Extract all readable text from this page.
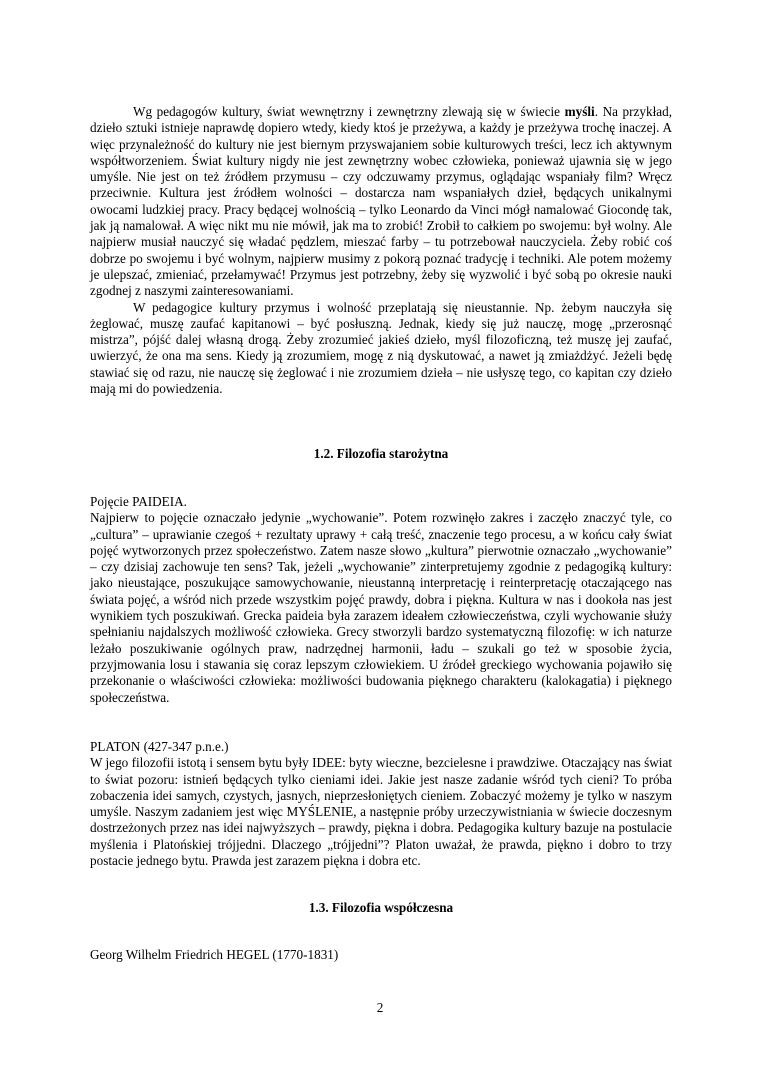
Wg pedagogów kultury, świat wewnętrzny i zewnętrzny zlewają się w świecie myśli. Na przykład, dzieło sztuki istnieje naprawdę dopiero wtedy, kiedy ktoś je przeżywa, a każdy je przeżywa trochę inaczej. A więc przynależność do kultury nie jest biernym przyswajaniem sobie kulturowych treści, lecz ich aktywnym współtworzeniem. Świat kultury nigdy nie jest zewnętrzny wobec człowieka, ponieważ ujawnia się w jego umyśle. Nie jest on też źródłem przymusu – czy odczuwamy przymus, oglądając wspaniały film? Wręcz przeciwnie. Kultura jest źródłem wolności – dostarcza nam wspaniałych dzieł, będących unikalnymi owocami ludzkiej pracy. Pracy będącej wolnością – tylko Leonardo da Vinci mógł namalować Giocondę tak, jak ją namalował. A więc nikt mu nie mówił, jak ma to zrobić! Zrobił to całkiem po swojemu: był wolny. Ale najpierw musiał nauczyć się władać pędzlem, mieszać farby – tu potrzebował nauczyciela. Żeby robić coś dobrze po swojemu i być wolnym, najpierw musimy z pokorą poznać tradycję i techniki. Ale potem możemy je ulepszać, zmieniać, przełamywać! Przymus jest potrzebny, żeby się wyzwolić i być sobą po okresie nauki zgodnej z naszymi zainteresowaniami.

W pedagogice kultury przymus i wolność przeplatają się nieustannie. Np. żebym nauczyła się żeglować, muszę zaufać kapitanowi – być posłuszną. Jednak, kiedy się już nauczę, mogę „przerosnąć mistrza”, pójść dalej własną drogą. Żeby zrozumieć jakieś dzieło, myśl filozoficzną, też muszę jej zaufać, uwierzyć, że ona ma sens. Kiedy ją zrozumiem, mogę z nią dyskutować, a nawet ją zmiażdżyć. Jeżeli będę stawiać się od razu, nie nauczę się żeglować i nie zrozumiem dzieła – nie usłyszę tego, co kapitan czy dzieło mają mi do powiedzenia.

1.2. Filozofia starożytna

Pojęcie PAIDEIA.

Najpierw to pojęcie oznaczało jedynie „wychowanie”. Potem rozwinęło zakres i zaczęło znaczyć tyle, co „cultura” – uprawianie czegoś + rezultaty uprawy + całą treść, znaczenie tego procesu, a w końcu cały świat pojęć wytworzonych przez społeczeństwo. Zatem nasze słowo „kultura” pierwotnie oznaczało „wychowanie” – czy dzisiaj zachowuje ten sens? Tak, jeżeli „wychowanie” zinterpretujemy zgodnie z pedagogiką kultury: jako nieustające, poszukujące samowychowanie, nieustanną interpretację i reinterpretację otaczającego nas świata pojęć, a wśród nich przede wszystkim pojęć prawdy, dobra i piękna. Kultura w nas i dookoła nas jest wynikiem tych poszukiwań. Grecka paideia była zarazem ideałem człowieczeństwa, czyli wychowanie służy spełnianiu najdalszych możliwość człowieka. Grecy stworzyli bardzo systematyczną filozofię: w ich naturze leżało poszukiwanie ogólnych praw, nadrzędnej harmonii, ładu – szukali go też w sposobie życia, przyjmowania losu i stawania się coraz lepszym człowiekiem. U źródeł greckiego wychowania pojawiło się przekonanie o właściwości człowieka: możliwości budowania pięknego charakteru (kalokagatia) i pięknego społeczeństwa.

PLATON (427-347 p.n.e.)

W jego filozofii istotą i sensem bytu były IDEE: byty wieczne, bezcielesne i prawdziwe. Otaczający nas świat to świat pozoru: istnień będących tylko cieniami idei. Jakie jest nasze zadanie wśród tych cieni? To próba zobaczenia idei samych, czystych, jasnych, nieprzesłoniętych cieniem. Zobaczyć możemy je tylko w naszym umyśle. Naszym zadaniem jest więc MYŚLENIE, a następnie próby urzeczywistniania w świecie doczesnym dostrzeżonych przez nas idei najwyższych – prawdy, piękna i dobra. Pedagogika kultury bazuje na postulacie myślenia i Platońskiej trójjedni. Dlaczego „trójjedni”? Platon uważał, że prawda, piękno i dobro to trzy postacie jednego bytu. Prawda jest zarazem piękna i dobra etc.

1.3. Filozofia współczesna

Georg Wilhelm Friedrich HEGEL (1770-1831)

2
